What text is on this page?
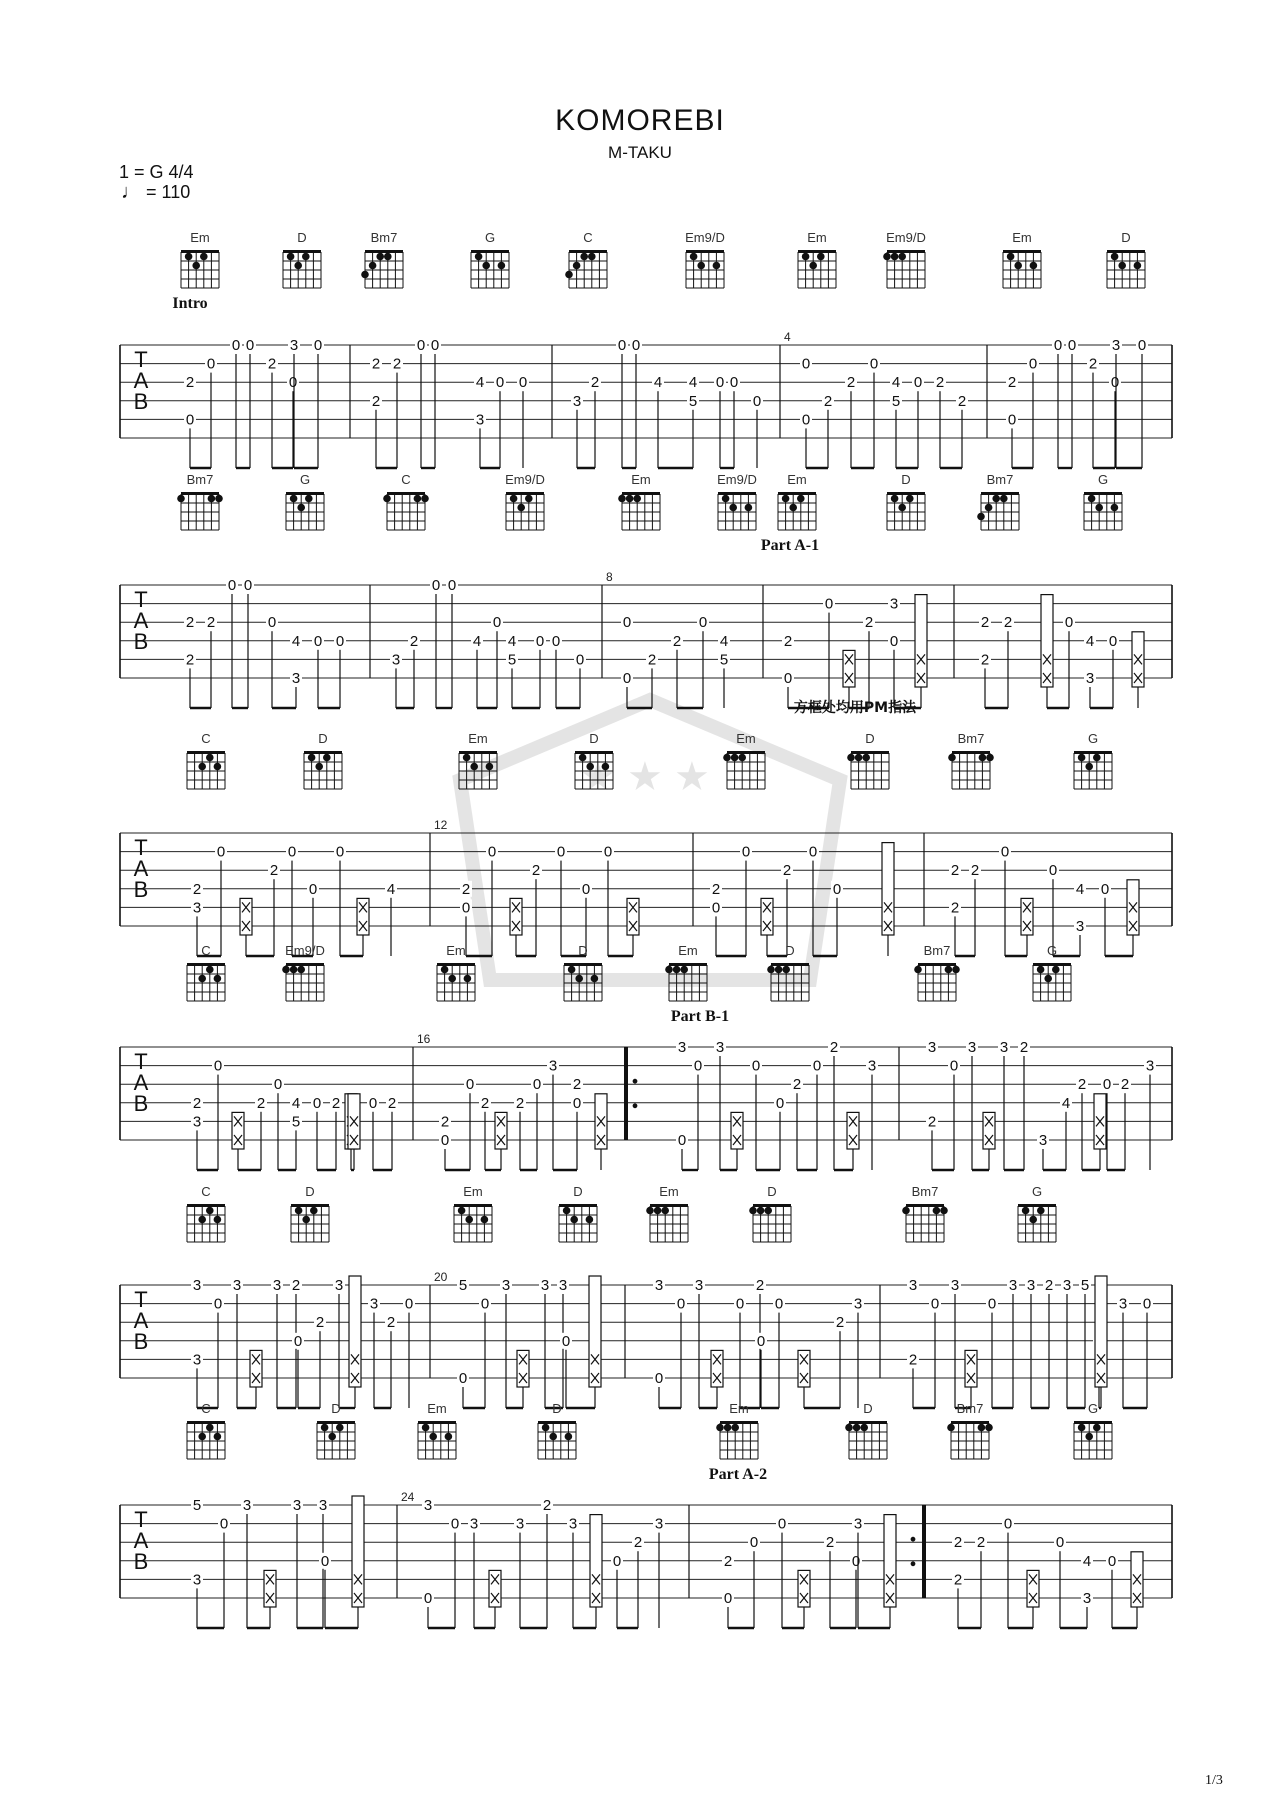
KOMOREBI
M-TAKU
1 = G 4/4
♩ = 110
★ ★ ★
Em	D	Bm7	G	C	Em9/D	Em	Em9/D	Em	D
Intro
T
A
B
0
2
0
0 0
2
0
3 0
2
2 2
0 0
4
3
0 0
3
2
0 0
4 4
5
0 0
0
4
0
0
2
2
0
4
5
0 2
2
2
0
0
0 0
2
0
3 0
Bm7	G	C	Em9/D	Em	Em9/D Em	D	Bm7	G
Part A-1
T
A
B
2
2
2
0 0
0
4
3
0 0
3
2
0 0
4
0
4
5
0 0
0
8
0
0
2
2
0
4
5
2
0
0
2
3
0
2
2
2	0
4
3
0
C	D	Em	D	Em	D	Bm7	G
T
A
B	2
3
0
2
0
0
0
4
12
2
0
0
2
0
0
0
2
0
0
2
0
0
2
2
2
0
0
4
3
0
C	Em9/D	Em	D	Em	D	Bm7	G
Part B-1
T
A
B	2
3
0
2
0
4
5
0 2 0 2
16
2
0
0
2 2
0
3
2
0
3
0
0
3
0
0
2
0
2
3
3
2
0
3 3 2
3
4
2 0 2
3
C	D	Em	D	Em	D	Bm7	G
T
A
B
3
3
0
3 3 2
0
2
3
3
2
0
20 5
0
0
3 3 3
0
3
0
0
3
0
2
0
0
2
3
3
2
0
3
0
3 3 2 3 5
3 0
C	D	Em	D	Em	D	Bm7	G
Part A-2
T
A
B
5
3
0
3	3 3
0
24 3
0
0 3	3
2
3
0
2
3
2
0
0
0
2
0
3
2
2
2
0
0
4
3
0
方框处均用PM指法
1/3
